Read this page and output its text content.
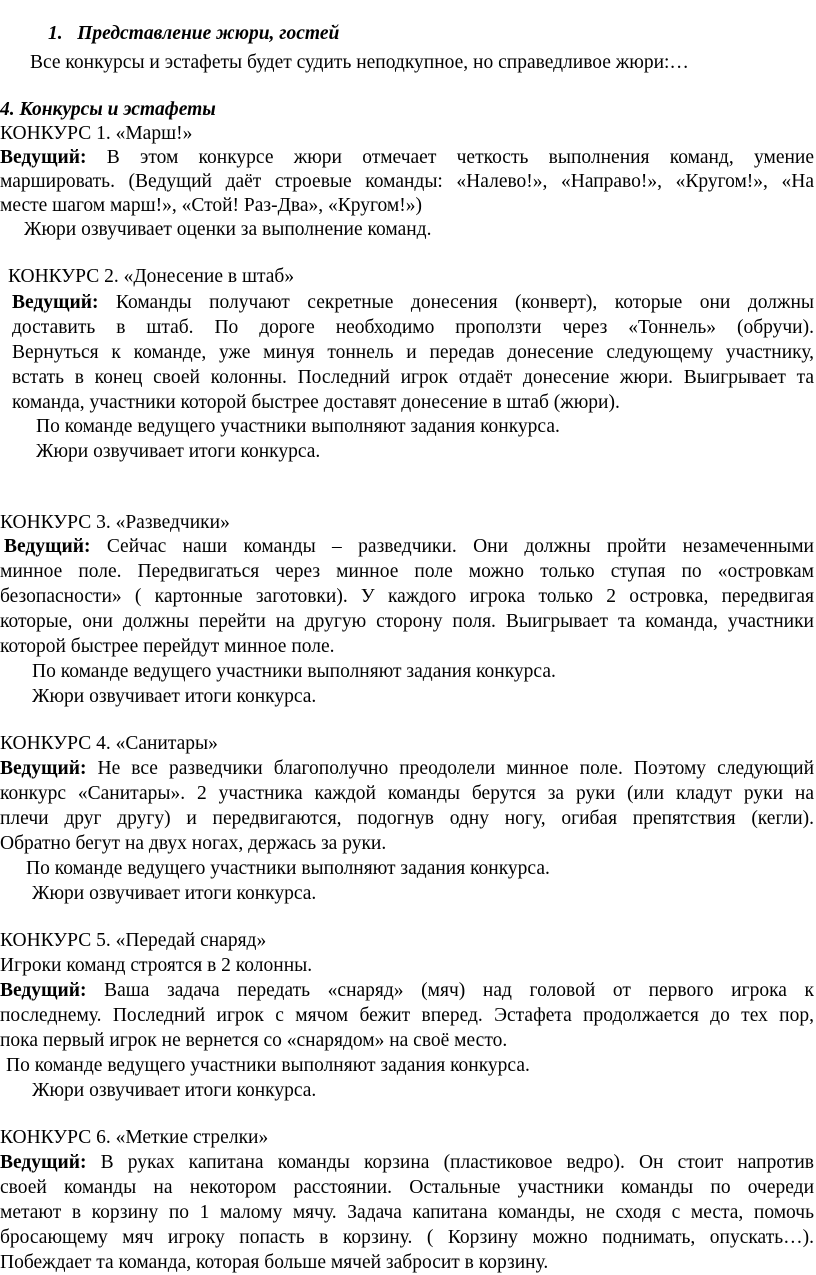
1. Представление жюри, гостей
Все конкурсы и эстафеты будет судить неподкупное, но справедливое жюри:…
4. Конкурсы и эстафеты
КОНКУРС 1. «Марш!»
Ведущий: В этом конкурсе жюри отмечает четкость выполнения команд, умение
маршировать. (Ведущий даёт строевые команды: «Налево!», «Направо!», «Кругом!», «На
месте шагом марш!», «Стой! Раз-Два», «Кругом!»)
Жюри озвучивает оценки за выполнение команд.
КОНКУРС 2. «Донесение в штаб»
Ведущий: Команды получают секретные донесения (конверт), которые они должны
доставить в штаб. По дороге необходимо проползти через «Тоннель» (обручи).
Вернуться к команде, уже минуя тоннель и передав донесение следующему участнику,
встать в конец своей колонны. Последний игрок отдаёт донесение жюри. Выигрывает та
команда, участники которой быстрее доставят донесение в штаб (жюри).
По команде ведущего участники выполняют задания конкурса.
Жюри озвучивает итоги конкурса.
КОНКУРС 3. «Разведчики»
Ведущий: Сейчас наши команды – разведчики. Они должны пройти незамеченными
минное поле. Передвигаться через минное поле можно только ступая по «островкам
безопасности» ( картонные заготовки). У каждого игрока только 2 островка, передвигая
которые, они должны перейти на другую сторону поля. Выигрывает та команда, участники
которой быстрее перейдут минное поле.
По команде ведущего участники выполняют задания конкурса.
Жюри озвучивает итоги конкурса.
КОНКУРС 4. «Санитары»
Ведущий: Не все разведчики благополучно преодолели минное поле. Поэтому следующий
конкурс «Санитары». 2 участника каждой команды берутся за руки (или кладут руки на
плечи друг другу) и передвигаются, подогнув одну ногу, огибая препятствия (кегли).
Обратно бегут на двух ногах, держась за руки.
По команде ведущего участники выполняют задания конкурса.
Жюри озвучивает итоги конкурса.
КОНКУРС 5. «Передай снаряд»
Игроки команд строятся в 2 колонны.
Ведущий: Ваша задача передать «снаряд» (мяч) над головой от первого игрока к
последнему. Последний игрок с мячом бежит вперед. Эстафета продолжается до тех пор,
пока первый игрок не вернется со «снарядом» на своё место.
По команде ведущего участники выполняют задания конкурса.
Жюри озвучивает итоги конкурса.
КОНКУРС 6. «Меткие стрелки»
Ведущий: В руках капитана команды корзина (пластиковое ведро). Он стоит напротив
своей команды на некотором расстоянии. Остальные участники команды по очереди
метают в корзину по 1 малому мячу. Задача капитана команды, не сходя с места, помочь
бросающему мяч игроку попасть в корзину. ( Корзину можно поднимать, опускать…).
Побеждает та команда, которая больше мячей забросит в корзину.
